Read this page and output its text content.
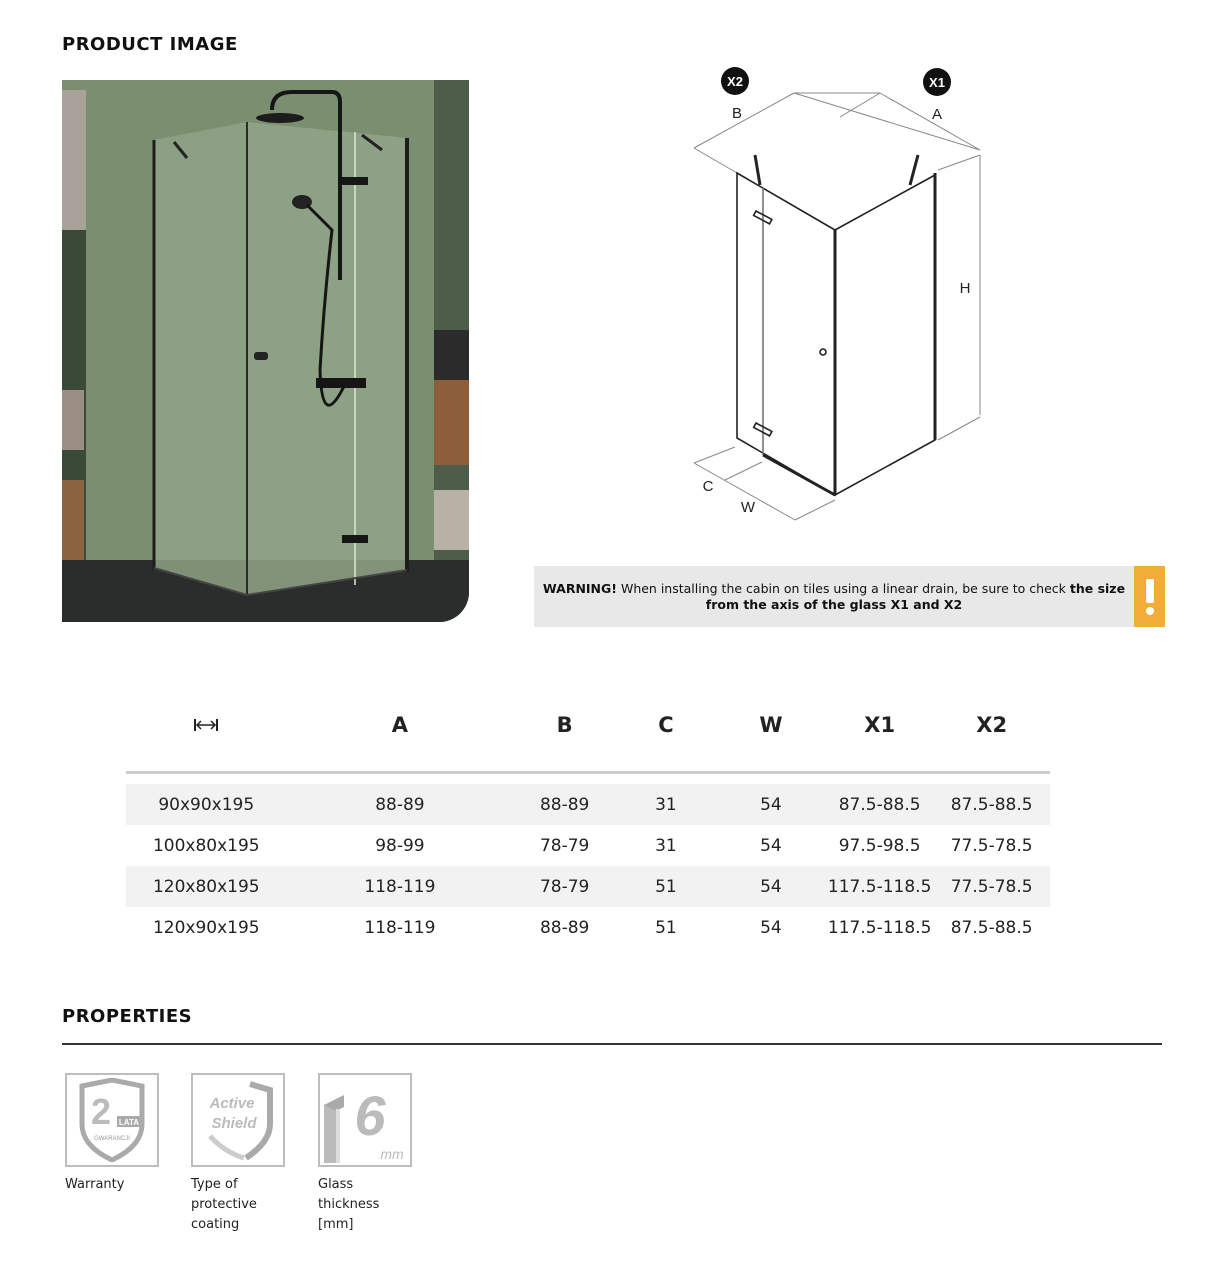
PRODUCT IMAGE
X2	X1
B	A
H
C
W
WARNING! When installing the cabin on tiles using a linear drain, be sure to check the size from the axis of the glass X1 and X2
A	B	C	W	X1	X2
90x90x195	88-89	88-89	31	54	87.5-88.5	87.5-88.5
100x80x195	98-99	78-79	31	54	97.5-98.5	77.5-78.5
120x80x195	118-119	78-79	51	54	117.5-118.5	77.5-78.5
120x90x195	118-119	88-89	51	54	117.5-118.5	87.5-88.5
PROPERTIES
2 LATA
GWARANCJI
Warranty
Active
Shield
Type of protective coating
6
mm
Glass thickness [mm]
